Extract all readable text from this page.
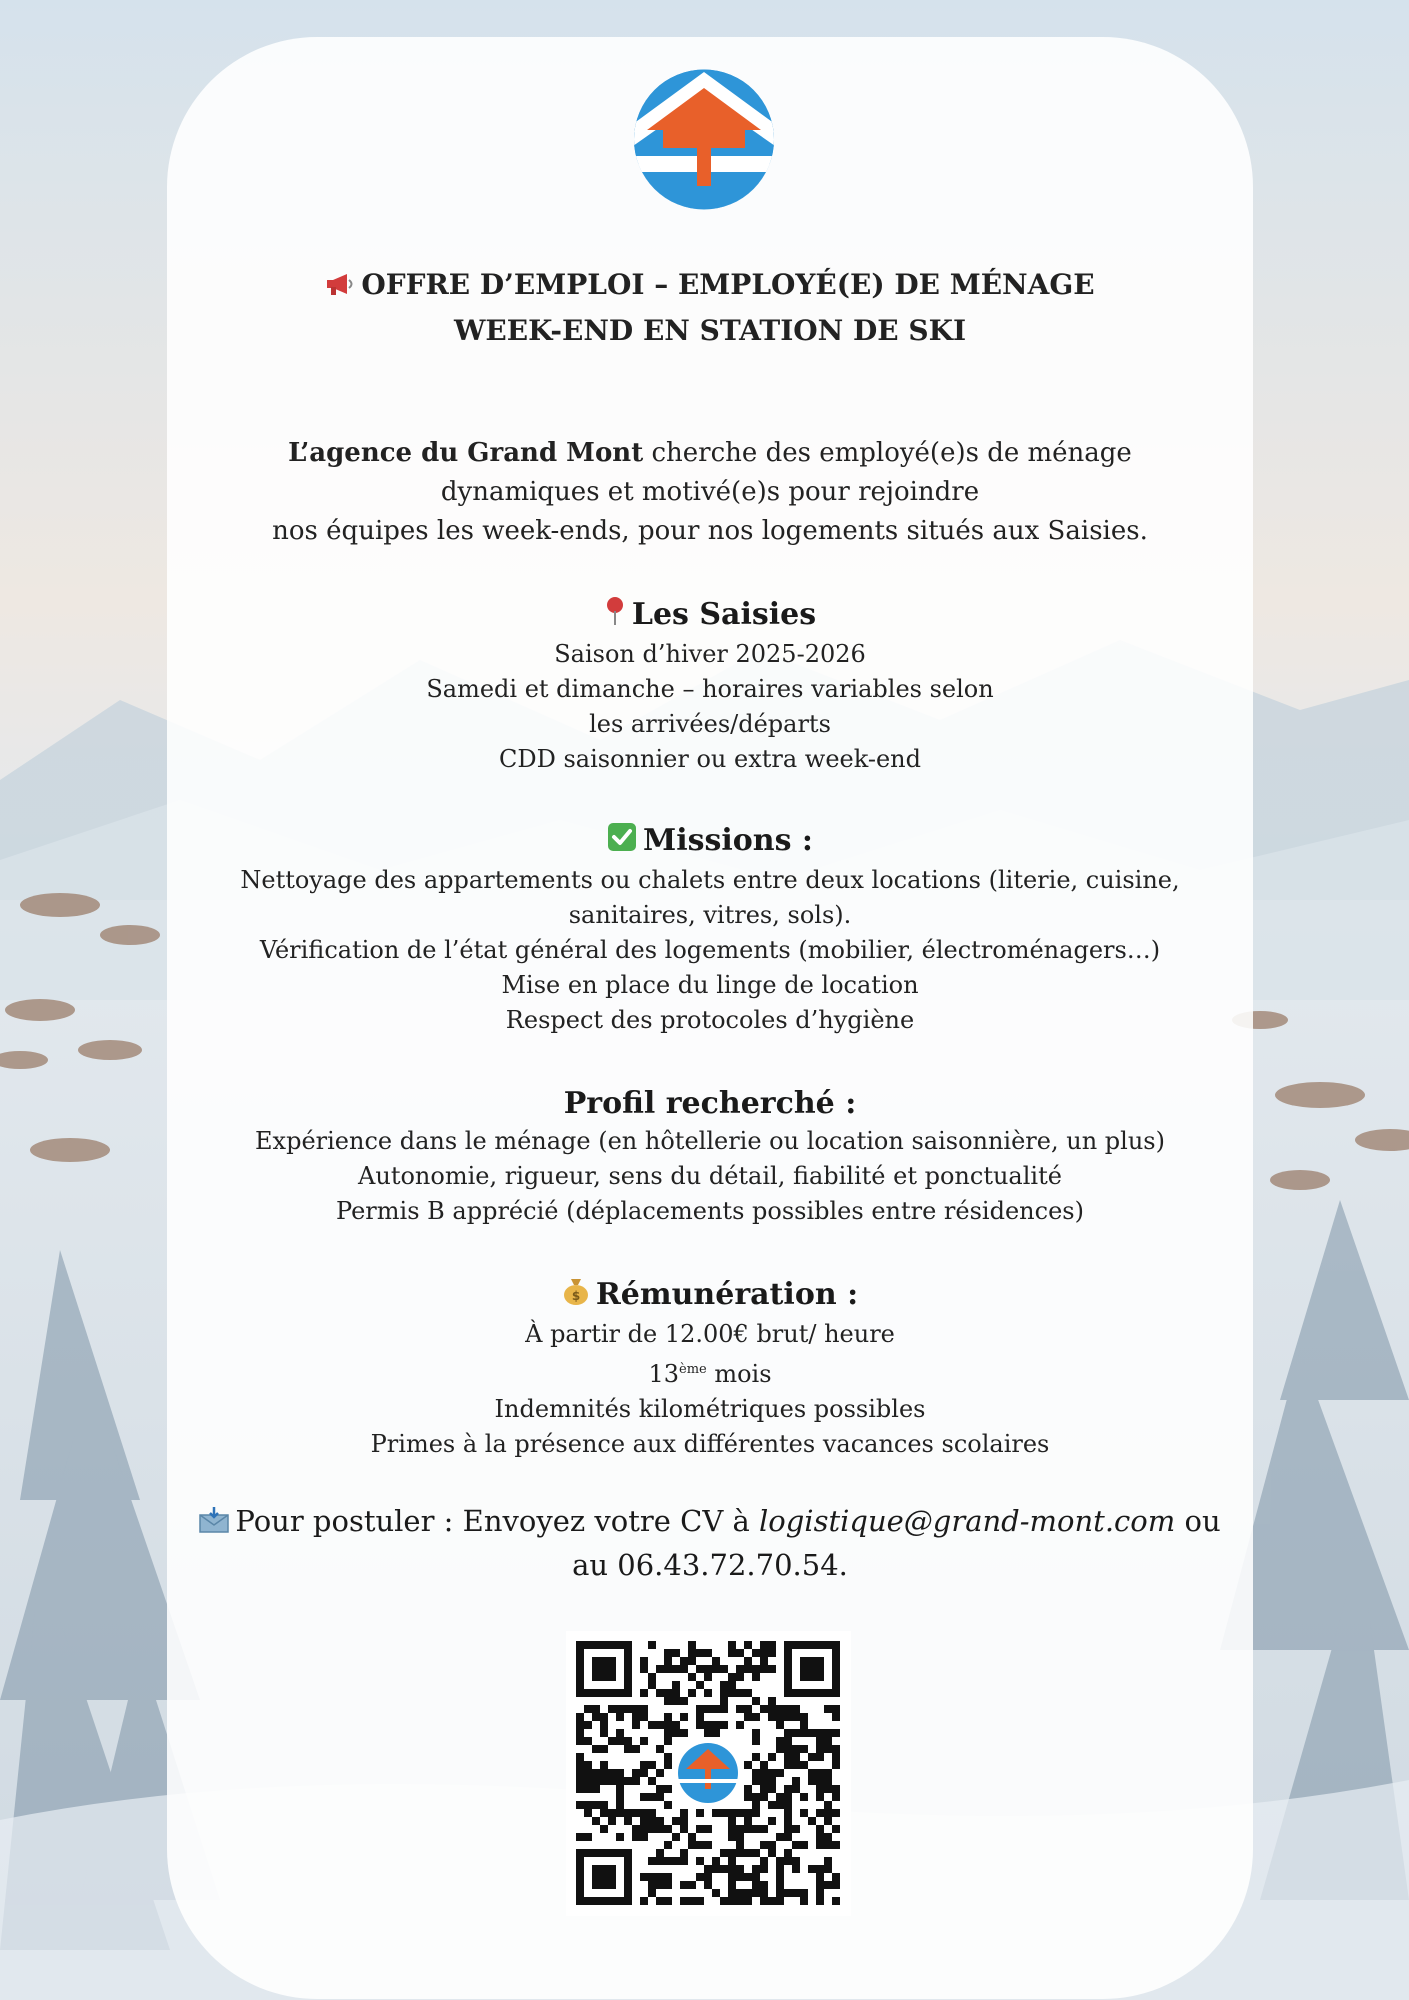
OFFRE D’EMPLOI – EMPLOYÉ(E) DE MÉNAGE
WEEK-END EN STATION DE SKI
L’agence du Grand Mont cherche des employé(e)s de ménage
dynamiques et motivé(e)s pour rejoindre
nos équipes les week-ends, pour nos logements situés aux Saisies.
Les Saisies
Saison d’hiver 2025-2026
Samedi et dimanche – horaires variables selon
les arrivées/départs
CDD saisonnier ou extra week-end
Missions :
Nettoyage des appartements ou chalets entre deux locations (literie, cuisine,
sanitaires, vitres, sols).
Vérification de l’état général des logements (mobilier, électroménagers…)
Mise en place du linge de location
Respect des protocoles d’hygiène
Profil recherché :
Expérience dans le ménage (en hôtellerie ou location saisonnière, un plus)
Autonomie, rigueur, sens du détail, fiabilité et ponctualité
Permis B apprécié (déplacements possibles entre résidences)
$ Rémunération :
À partir de 12.00€ brut/ heure
13ème mois
Indemnités kilométriques possibles
Primes à la présence aux différentes vacances scolaires
Pour postuler : Envoyez votre CV à logistique@grand-mont.com ou
au 06.43.72.70.54.
